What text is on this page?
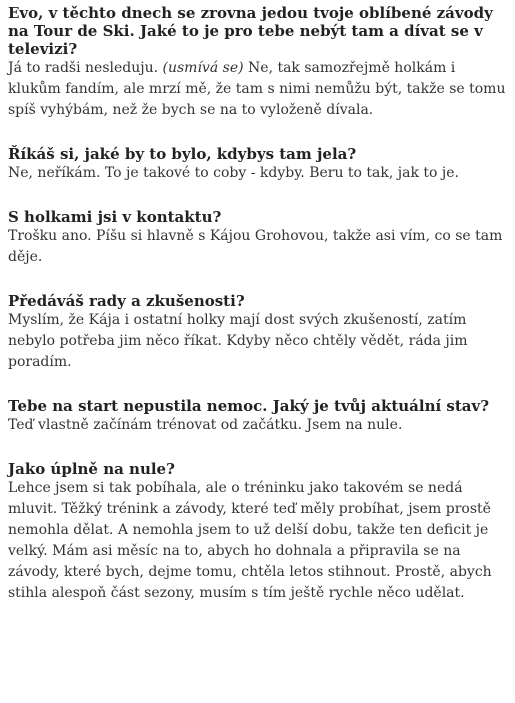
Evo, v těchto dnech se zrovna jedou tvoje oblíbené závody na Tour de Ski. Jaké to je pro tebe nebýt tam a dívat se v televizi?

Já to radši nesleduju. (usmívá se) Ne, tak samozřejmě holkám i klukům fandím, ale mrzí mě, že tam s nimi nemůžu být, takže se tomu spíš vyhýbám, než že bych se na to vyloženě dívala.

Říkáš si, jaké by to bylo, kdybys tam jela?

Ne, neříkám. To je takové to coby - kdyby. Beru to tak, jak to je.

S holkami jsi v kontaktu?

Trošku ano. Píšu si hlavně s Kájou Grohovou, takže asi vím, co se tam děje.

Předáváš rady a zkušenosti?

Myslím, že Kája i ostatní holky mají dost svých zkušeností, zatím nebylo potřeba jim něco říkat. Kdyby něco chtěly vědět, ráda jim poradím.

Tebe na start nepustila nemoc. Jaký je tvůj aktuální stav?

Teď vlastně začínám trénovat od začátku. Jsem na nule.

Jako úplně na nule?

Lehce jsem si tak pobíhala, ale o tréninku jako takovém se nedá mluvit. Těžký trénink a závody, které teď měly probíhat, jsem prostě nemohla dělat. A nemohla jsem to už delší dobu, takže ten deficit je velký. Mám asi měsíc na to, abych ho dohnala a připravila se na závody, které bych, dejme tomu, chtěla letos stihnout. Prostě, abych stihla alespoň část sezony, musím s tím ještě rychle něco udělat.
